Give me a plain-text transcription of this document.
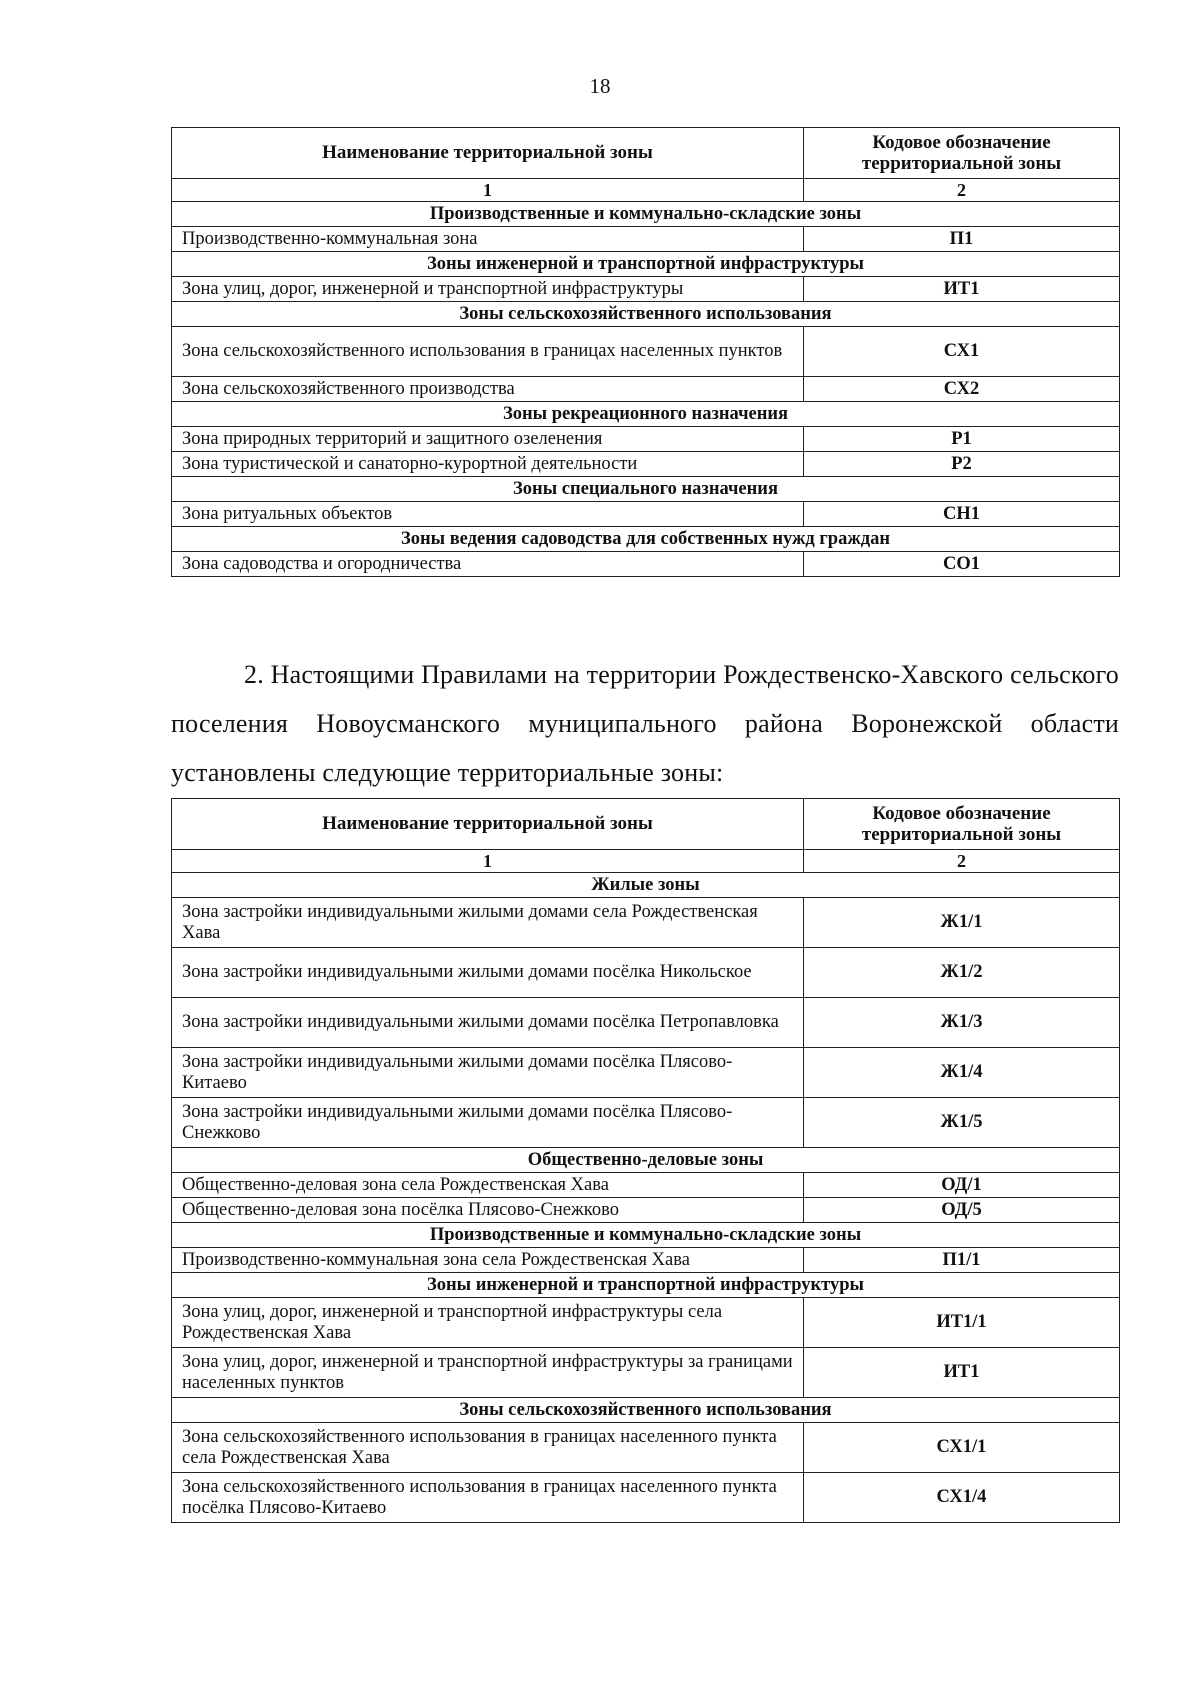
18
Наименование территориальной зоны	Кодовое обозначение территориальной зоны
1	2
Производственные и коммунально-складские зоны	
Производственно-коммунальная зона	П1
Зоны инженерной и транспортной инфраструктуры	
Зона улиц, дорог, инженерной и транспортной инфраструктуры	ИТ1
Зоны сельскохозяйственного использования	
Зона сельскохозяйственного использования в границах населенных пунктов	СХ1
Зона сельскохозяйственного производства	СХ2
Зоны рекреационного назначения	
Зона природных территорий и защитного озеленения	Р1
Зона туристической и санаторно-курортной деятельности	Р2
Зоны специального назначения	
Зона ритуальных объектов	СН1
Зоны ведения садоводства для собственных нужд граждан	
Зона садоводства и огородничества	СО1

2. Настоящими Правилами на территории Рождественско-Хавского сельского поселения Новоусманского муниципального района Воронежской области установлены следующие территориальные зоны:

Наименование территориальной зоны	Кодовое обозначение территориальной зоны
1	2
Жилые зоны	
Зона застройки индивидуальными жилыми домами села Рождественская Хава	Ж1/1
Зона застройки индивидуальными жилыми домами посёлка Никольское	Ж1/2
Зона застройки индивидуальными жилыми домами посёлка Петропавловка	Ж1/3
Зона застройки индивидуальными жилыми домами посёлка Плясово-Китаево	Ж1/4
Зона застройки индивидуальными жилыми домами посёлка Плясово-Снежково	Ж1/5
Общественно-деловые зоны	
Общественно-деловая зона села Рождественская Хава	ОД/1
Общественно-деловая зона посёлка Плясово-Снежково	ОД/5
Производственные и коммунально-складские зоны	
Производственно-коммунальная зона села Рождественская Хава	П1/1
Зоны инженерной и транспортной инфраструктуры	
Зона улиц, дорог, инженерной и транспортной инфраструктуры села Рождественская Хава	ИТ1/1
Зона улиц, дорог, инженерной и транспортной инфраструктуры за границами населенных пунктов	ИТ1
Зоны сельскохозяйственного использования	
Зона сельскохозяйственного использования в границах населенного пункта села Рождественская Хава	СХ1/1
Зона сельскохозяйственного использования в границах населенного пункта посёлка Плясово-Китаево	СХ1/4
